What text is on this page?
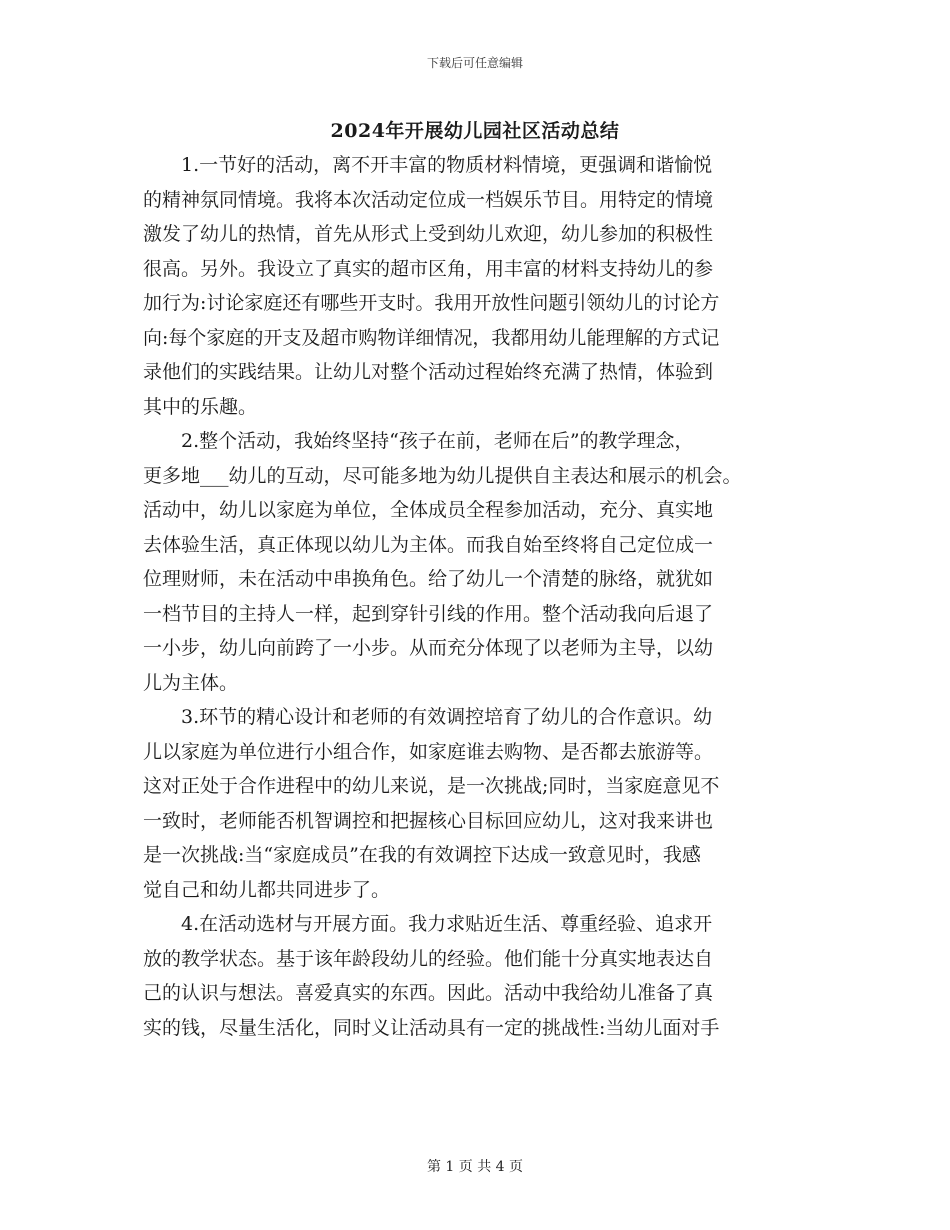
下载后可任意编辑
2024年开展幼儿园社区活动总结
1.一节好的活动，离不开丰富的物质材料情境，更强调和谐愉悦
的精神氛同情境。我将本次活动定位成一档娱乐节目。用特定的情境
激发了幼儿的热情，首先从形式上受到幼儿欢迎，幼儿参加的积极性
很高。另外。我设立了真实的超市区角，用丰富的材料支持幼儿的参
加行为:讨论家庭还有哪些开支时。我用开放性问题引领幼儿的讨论方
向:每个家庭的开支及超市购物详细情况，我都用幼儿能理解的方式记
录他们的实践结果。让幼儿对整个活动过程始终充满了热情，体验到
其中的乐趣。
2.整个活动，我始终坚持“孩子在前，老师在后”的教学理念，
更多地___幼儿的互动，尽可能多地为幼儿提供自主表达和展示的机会。
活动中，幼儿以家庭为单位，全体成员全程参加活动，充分、真实地
去体验生活，真正体现以幼儿为主体。而我自始至终将自己定位成一
位理财师，未在活动中串换角色。给了幼儿一个清楚的脉络，就犹如
一档节目的主持人一样，起到穿针引线的作用。整个活动我向后退了
一小步，幼儿向前跨了一小步。从而充分体现了以老师为主导，以幼
儿为主体。
3.环节的精心设计和老师的有效调控培育了幼儿的合作意识。幼
儿以家庭为单位进行小组合作，如家庭谁去购物、是否都去旅游等。
这对正处于合作进程中的幼儿来说，是一次挑战;同时，当家庭意见不
一致时，老师能否机智调控和把握核心目标回应幼儿，这对我来讲也
是一次挑战:当“家庭成员”在我的有效调控下达成一致意见时，我感
觉自己和幼儿都共同进步了。
4.在活动选材与开展方面。我力求贴近生活、尊重经验、追求开
放的教学状态。基于该年龄段幼儿的经验。他们能十分真实地表达自
己的认识与想法。喜爱真实的东西。因此。活动中我给幼儿准备了真
实的钱，尽量生活化，同时义让活动具有一定的挑战性:当幼儿面对手
第 1 页 共 4 页
